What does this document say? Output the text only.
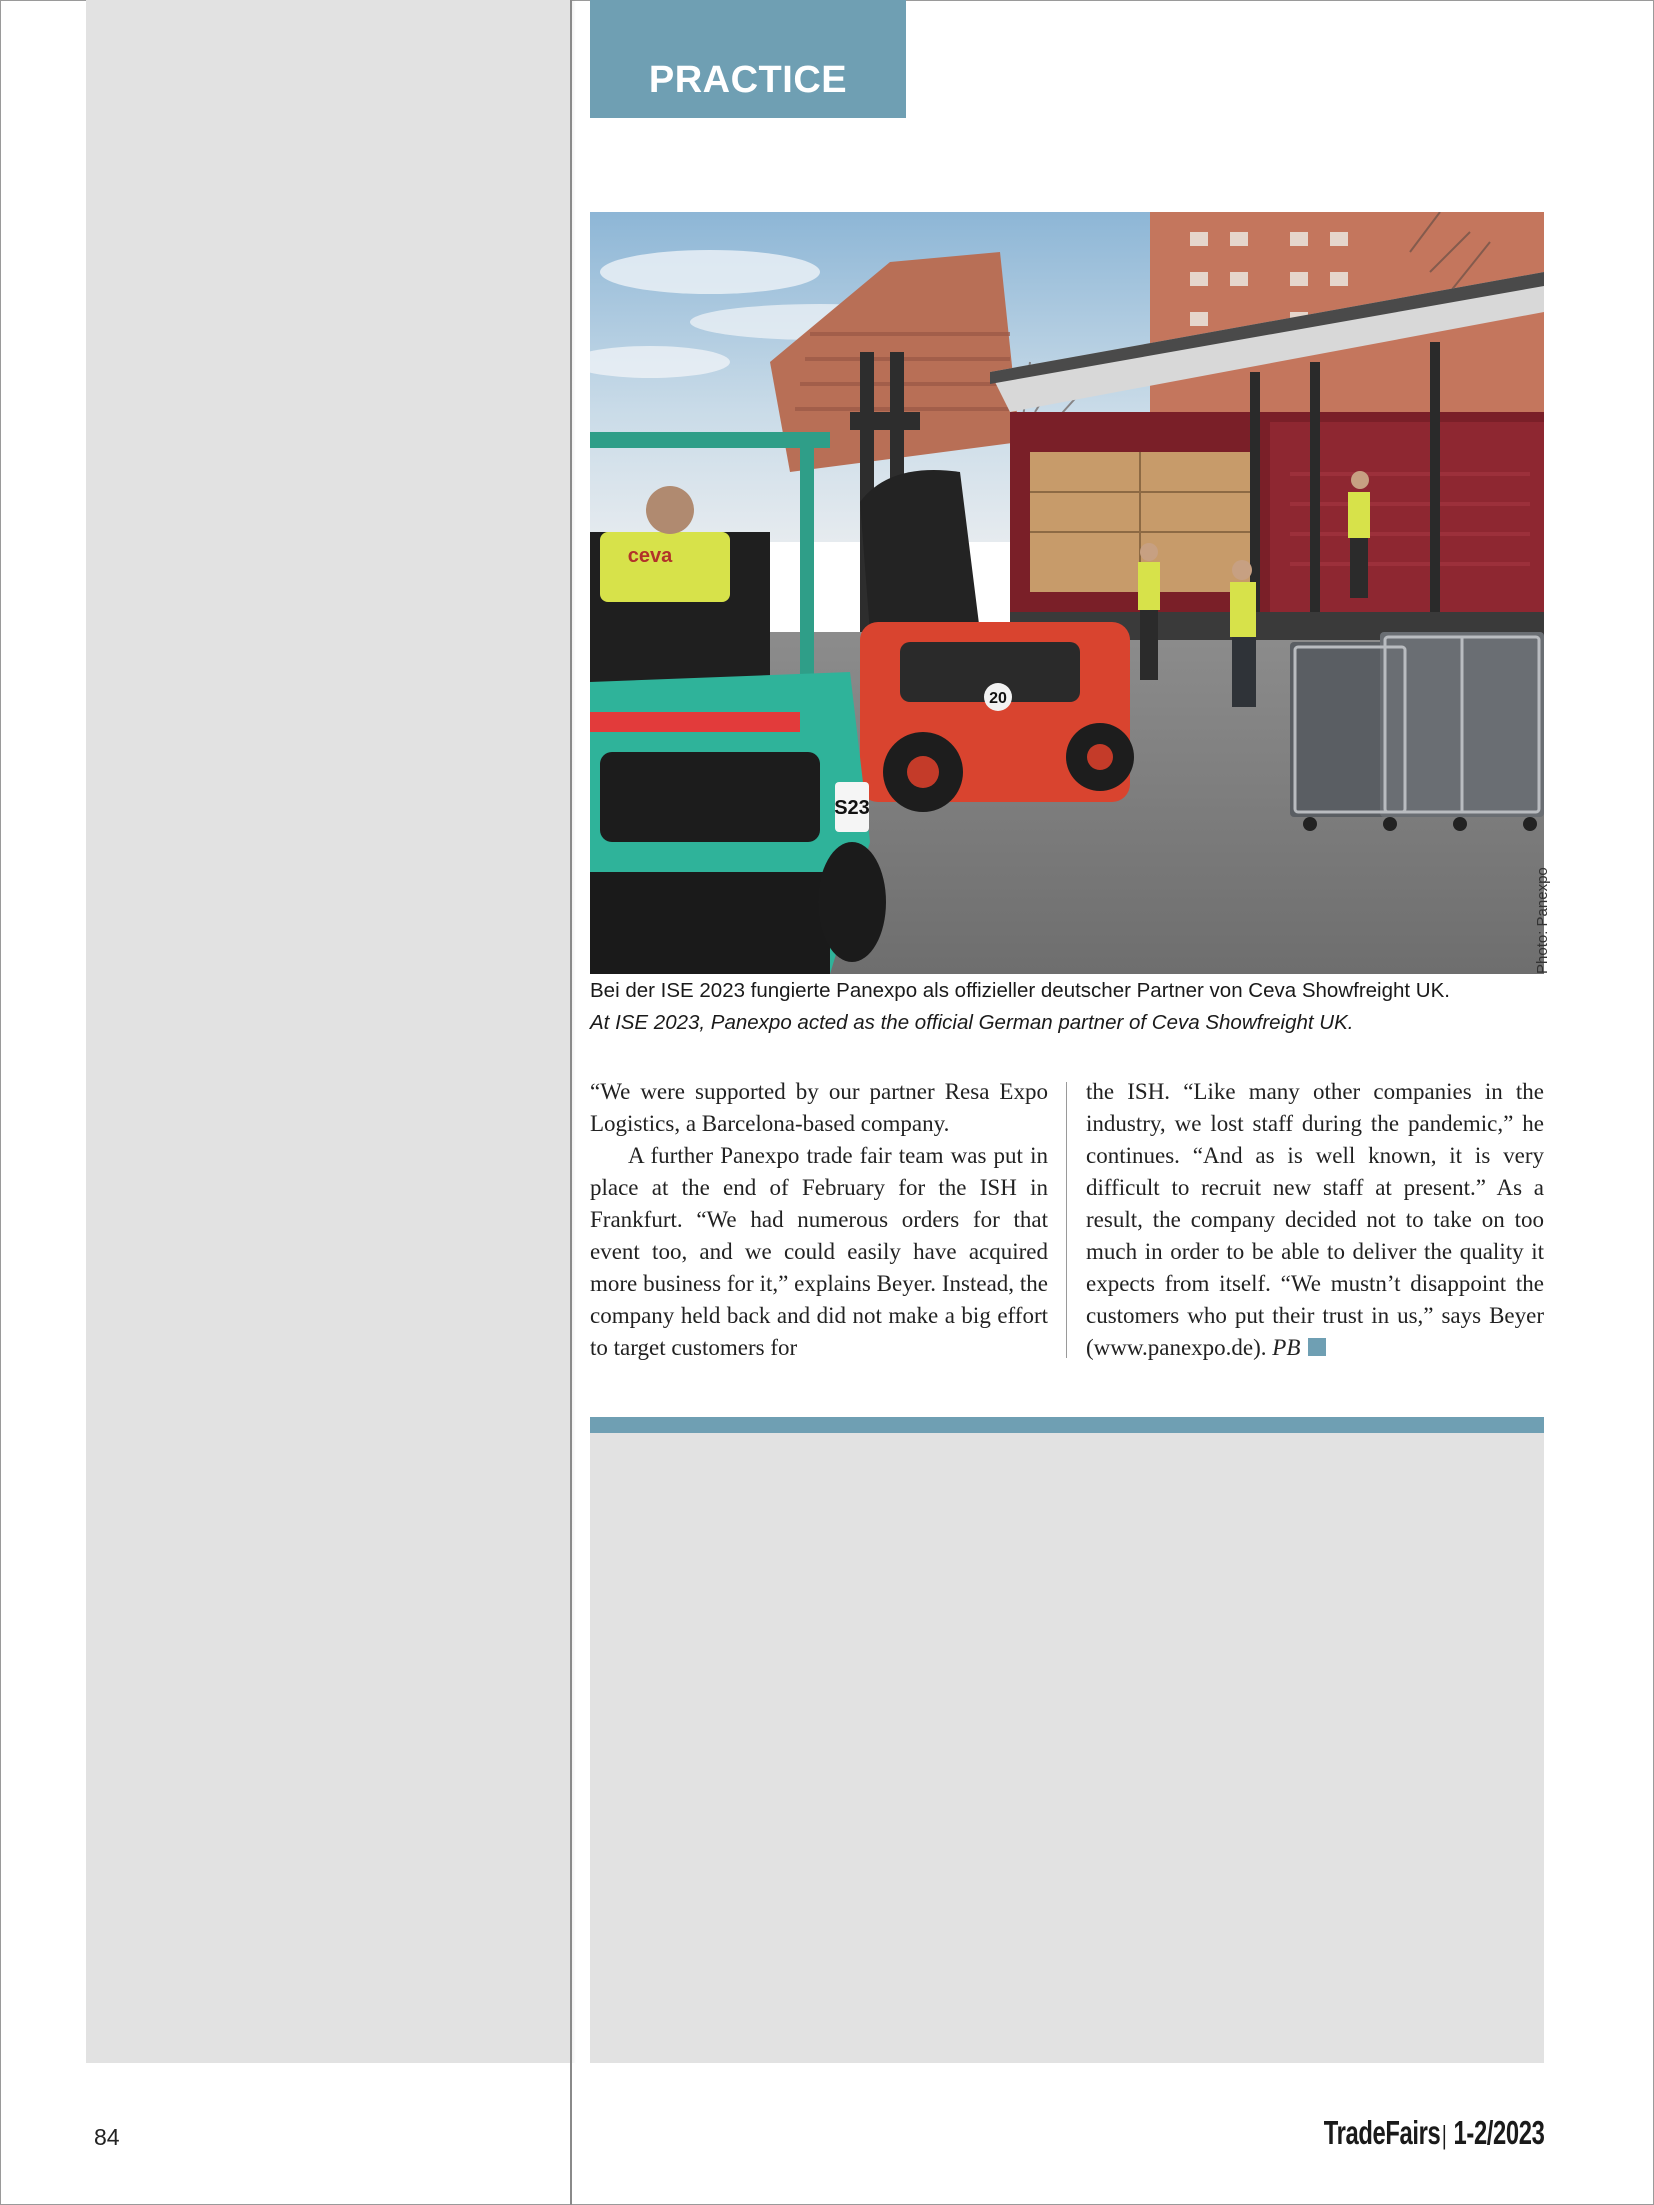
PRACTICE
20
ceva
S23
Photo: Panexpo
Bei der ISE 2023 fungierte Panexpo als offizieller deutscher Partner von Ceva Showfreight UK.
At ISE 2023, Panexpo acted as the official German partner of Ceva Showfreight UK.

“We were supported by our partner Resa Expo Logistics, a Barcelona-based company.

A further Panexpo trade fair team was put in place at the end of February for the ISH in Frankfurt. “We had numerous orders for that event too, and we could easily have acquired more business for it,” explains Beyer. Instead, the company held back and did not make a big effort to target customers for

the ISH. “Like many other companies in the industry, we lost staff during the pandemic,” he continues. “And as is well known, it is very difficult to recruit new staff at present.” As a result, the company decided not to take on too much in order to be able to deliver the quality it expects from itself. “We mustn’t disappoint the customers who put their trust in us,” says Beyer (www.panexpo.de). PB

84	TradeFairs| 1-2/2023
